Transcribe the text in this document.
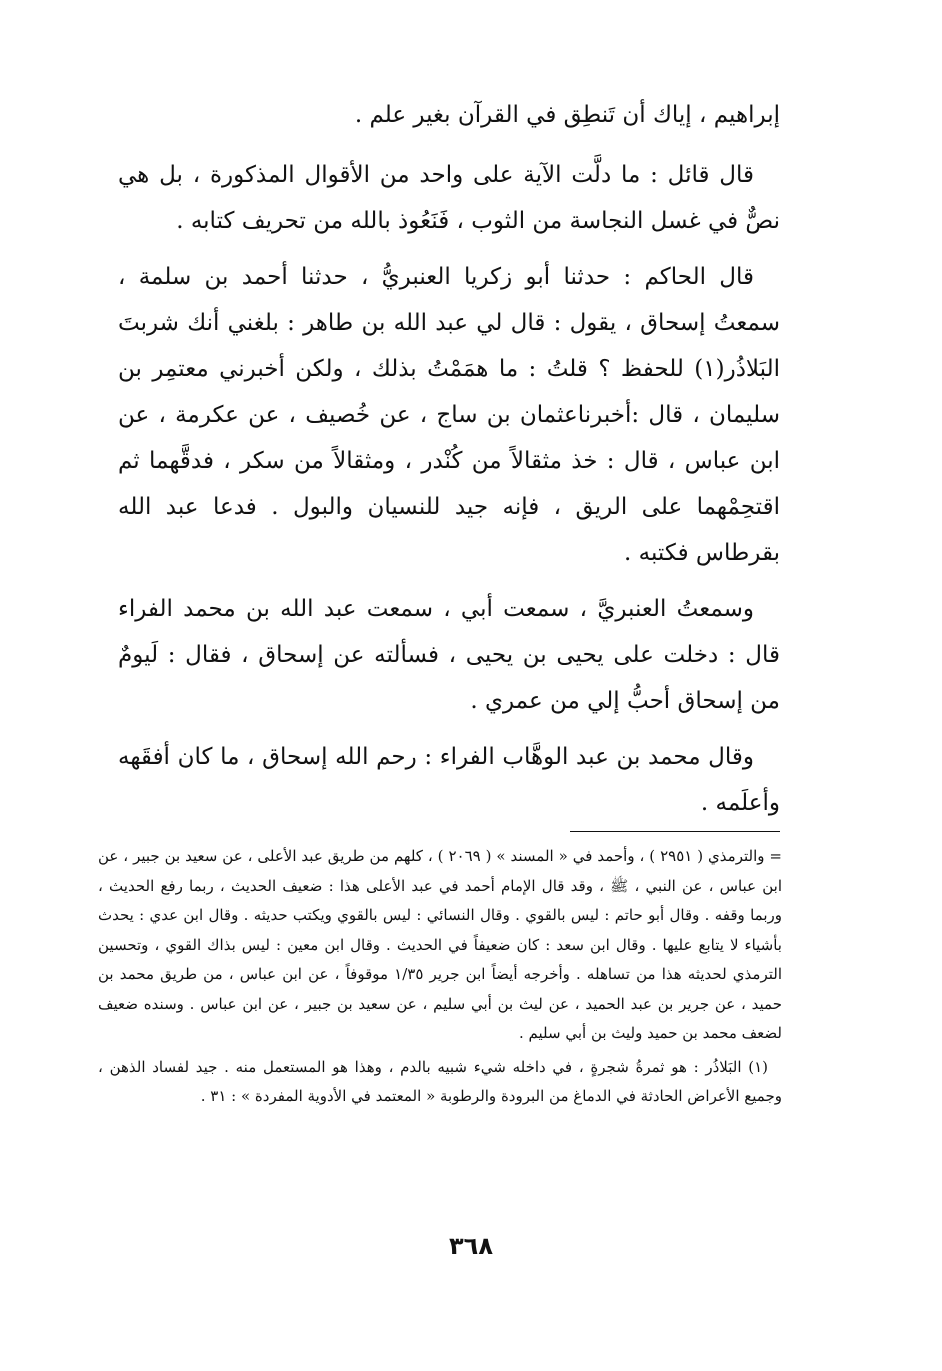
إبراهيم ، إياك أن تَنطِق في القرآن بغير علم .

قال قائل : ما دلَّت الآية على واحد من الأقوال المذكورة ، بل هي نصٌّ في غسل النجاسة من الثوب ، فَنَعُوذ بالله من تحريف كتابه .

قال الحاكم : حدثنا أبو زكريا العنبريُّ ، حدثنا أحمد بن سلمة ، سمعتُ إسحاق ، يقول : قال لي عبد الله بن طاهر : بلغني أنك شربتَ البَلاذُر(١) للحفظ ؟ قلتُ : ما همَمْتُ بذلك ، ولكن أخبرني معتمِر بن سليمان ، قال :أخبرناعثمان بن ساج ، عن خُصيف ، عن عكرمة ، عن ابن عباس ، قال : خذ مثقالاً من كُنْدر ، ومثقالاً من سكر ، فدقَّهما ثم اقتحِمْهما على الريق ، فإنه جيد للنسيان والبول . فدعا عبد الله بقرطاس فكتبه .

وسمعتُ العنبريَّ ، سمعت أبي ، سمعت عبد الله بن محمد الفراء قال : دخلت على يحيى بن يحيى ، فسألته عن إسحاق ، فقال : لَيومٌ من إسحاق أحبُّ إلي من عمري .

وقال محمد بن عبد الوهَّاب الفراء : رحم الله إسحاق ، ما كان أفقَهه وأعلَمه .

= والترمذي ( ٢٩٥١ ) ، وأحمد في « المسند » ( ٢٠٦٩ ) ، كلهم من طريق عبد الأعلى ، عن سعيد بن جبير ، عن ابن عباس ، عن النبي ، ﷺ ، وقد قال الإمام أحمد في عبد الأعلى هذا : ضعيف الحديث ، ربما رفع الحديث ، وربما وقفه . وقال أبو حاتم : ليس بالقوي . وقال النسائي : ليس بالقوي ويكتب حديثه . وقال ابن عدي : يحدث بأشياء لا يتابع عليها . وقال ابن سعد : كان ضعيفاً في الحديث . وقال ابن معين : ليس بذاك القوي ، وتحسين الترمذي لحديثه هذا من تساهله . وأخرجه أيضاً ابن جرير ١/٣٥ موقوفاً ، عن ابن عباس ، من طريق محمد بن حميد ، عن جرير بن عبد الحميد ، عن ليث بن أبي سليم ، عن سعيد بن جبير ، عن ابن عباس . وسنده ضعيف لضعف محمد بن حميد وليث بن أبي سليم .

(١) البَلاذُر : هو ثمرةُ شجرةٍ ، في داخله شيء شبيه بالدم ، وهذا هو المستعمل منه . جيد لفساد الذهن ، وجميع الأعراض الحادثة في الدماغ من البرودة والرطوبة « المعتمد في الأدوية المفردة » : ٣١ .

٣٦٨
